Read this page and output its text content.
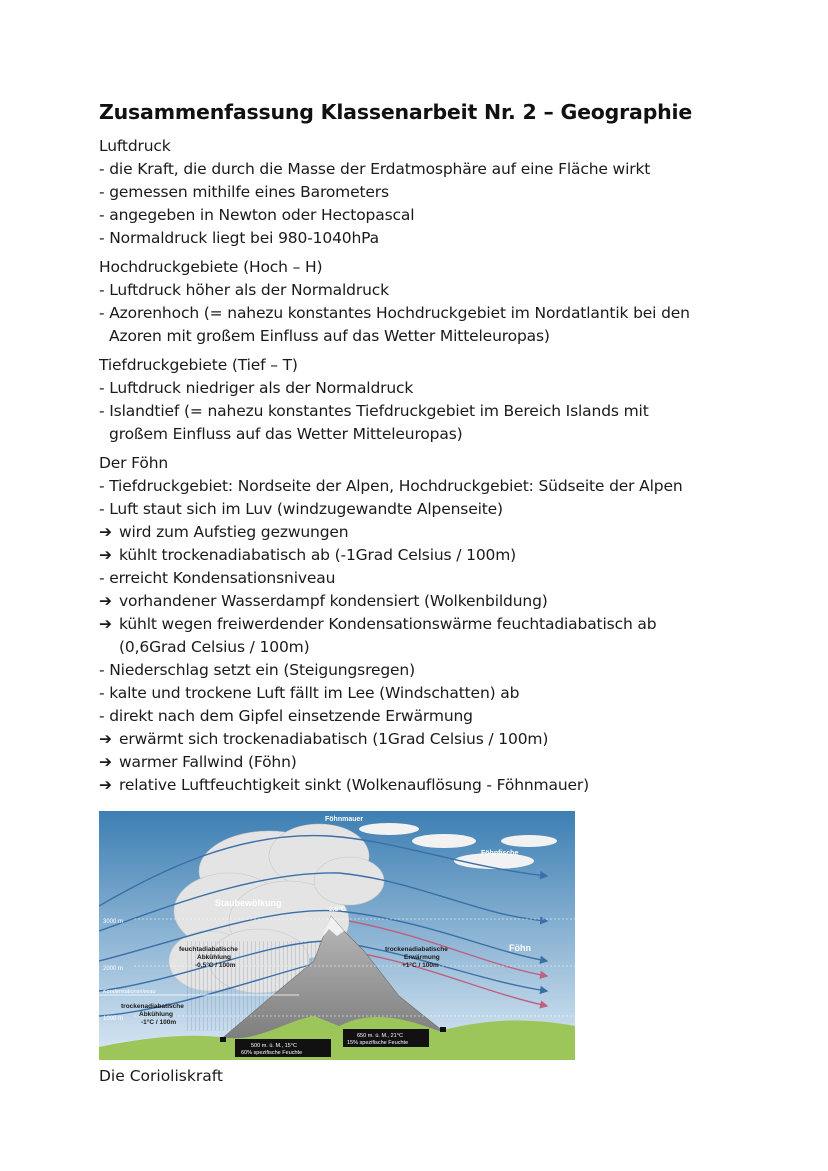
Zusammenfassung Klassenarbeit Nr. 2 – Geographie
Luftdruck
- die Kraft, die durch die Masse der Erdatmosphäre auf eine Fläche wirkt
- gemessen mithilfe eines Barometers
- angegeben in Newton oder Hectopascal
- Normaldruck liegt bei 980-1040hPa
Hochdruckgebiete (Hoch – H)
- Luftdruck höher als der Normaldruck
- Azorenhoch (= nahezu konstantes Hochdruckgebiet im Nordatlantik bei den
Azoren mit großem Einfluss auf das Wetter Mitteleuropas)
Tiefdruckgebiete (Tief – T)
- Luftdruck niedriger als der Normaldruck
- Islandtief (= nahezu konstantes Tiefdruckgebiet im Bereich Islands mit
großem Einfluss auf das Wetter Mitteleuropas)
Der Föhn
- Tiefdruckgebiet: Nordseite der Alpen, Hochdruckgebiet: Südseite der Alpen
- Luft staut sich im Luv (windzugewandte Alpenseite)
➔ wird zum Aufstieg gezwungen
➔ kühlt trockenadiabatisch ab (-1Grad Celsius / 100m)
- erreicht Kondensationsniveau
➔ vorhandener Wasserdampf kondensiert (Wolkenbildung)
➔ kühlt wegen freiwerdender Kondensationswärme feuchtadiabatisch ab
(0,6Grad Celsius / 100m)
- Niederschlag setzt ein (Steigungsregen)
- kalte und trockene Luft fällt im Lee (Windschatten) ab
- direkt nach dem Gipfel einsetzende Erwärmung
➔ erwärmt sich trockenadiabatisch (1Grad Celsius / 100m)
➔ warmer Fallwind (Föhn)
➔ relative Luftfeuchtigkeit sinkt (Wolkenauflösung - Föhnmauer)
Föhnmauer
Föhnfische
Staubewölkung
3000 m
2000 m
1000 m
Kondensationsniveau
-2,5°C
feuchtadiabatische
Abkühlung
-0,5°C / 100m
trockenadiabatische
Abkühlung
-1°C / 100m
trockenadiabatische
Erwärmung
+1°C / 100m
Föhn
500 m. ü. M., 15°C
60% spezifische Feuchte
650 m. ü. M., 21°C
15% spezifische Feuchte
Die Corioliskraft
